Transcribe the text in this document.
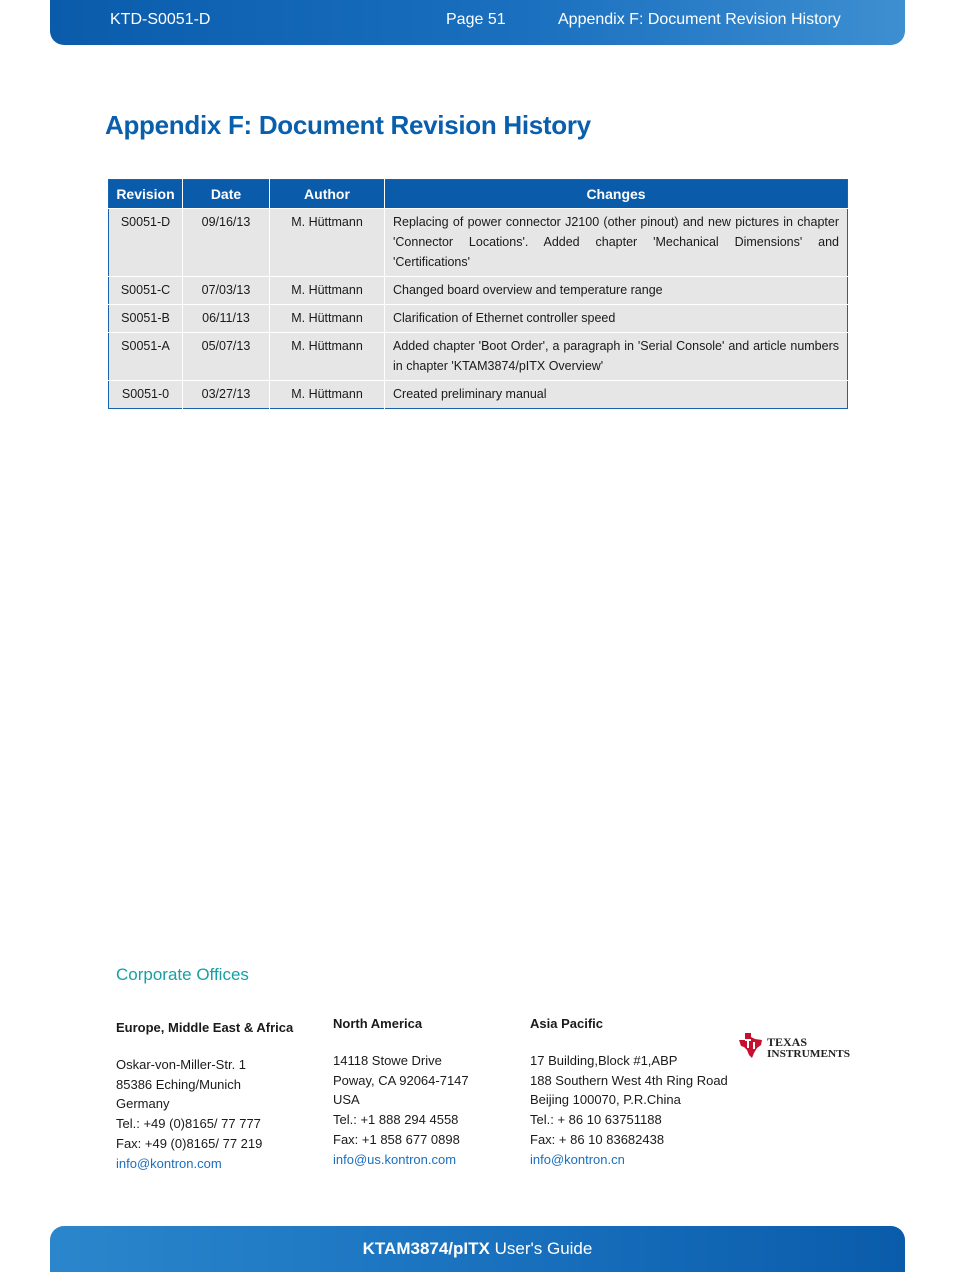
KTD-S0051-D	Page 51	Appendix F: Document Revision History
Appendix F: Document Revision History
Revision	Date	Author	Changes
S0051-D	09/16/13	M. Hüttmann	Replacing of power connector J2100 (other pinout) and new pictures in chapter 'Connector Locations'. Added chapter 'Mechanical Dimensions' and 'Certifications'
S0051-C	07/03/13	M. Hüttmann	Changed board overview and temperature range
S0051-B	06/11/13	M. Hüttmann	Clarification of Ethernet controller speed
S0051-A	05/07/13	M. Hüttmann	Added chapter 'Boot Order', a paragraph in 'Serial Console' and article numbers in chapter 'KTAM3874/pITX Overview'
S0051-0	03/27/13	M. Hüttmann	Created preliminary manual
Corporate Offices
Europe, Middle East & Africa
Oskar-von-Miller-Str. 1
85386 Eching/Munich
Germany
Tel.: +49 (0)8165/ 77 777
Fax: +49 (0)8165/ 77 219
info@kontron.com
North America
14118 Stowe Drive
Poway, CA 92064-7147
USA
Tel.: +1 888 294 4558
Fax: +1 858 677 0898
info@us.kontron.com
Asia Pacific
17 Building,Block #1,ABP
188 Southern West 4th Ring Road
Beijing 100070, P.R.China
Tel.: + 86 10 63751188
Fax: + 86 10 83682438
info@kontron.cn
TEXAS
INSTRUMENTS
KTAM3874/pITX User's Guide
